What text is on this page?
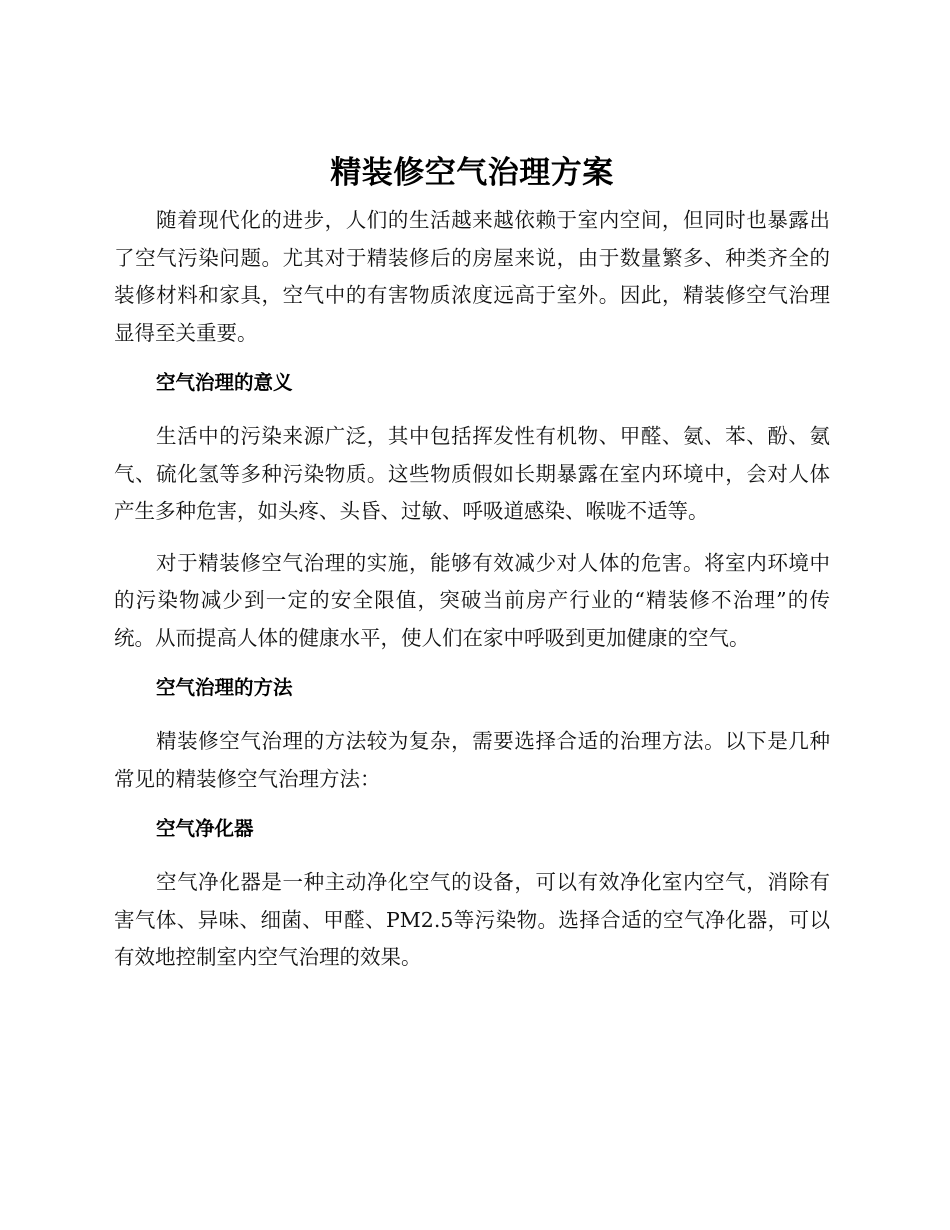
精装修空气治理方案

随着现代化的进步，人们的生活越来越依赖于室内空间，但同时也暴露出了空气污染问题。尤其对于精装修后的房屋来说，由于数量繁多、种类齐全的装修材料和家具，空气中的有害物质浓度远高于室外。因此，精装修空气治理显得至关重要。

空气治理的意义

生活中的污染来源广泛，其中包括挥发性有机物、甲醛、氨、苯、酚、氨气、硫化氢等多种污染物质。这些物质假如长期暴露在室内环境中，会对人体产生多种危害，如头疼、头昏、过敏、呼吸道感染、喉咙不适等。

对于精装修空气治理的实施，能够有效减少对人体的危害。将室内环境中的污染物减少到一定的安全限值，突破当前房产行业的“精装修不治理”的传统。从而提高人体的健康水平，使人们在家中呼吸到更加健康的空气。

空气治理的方法

精装修空气治理的方法较为复杂，需要选择合适的治理方法。以下是几种常见的精装修空气治理方法：

空气净化器

空气净化器是一种主动净化空气的设备，可以有效净化室内空气，消除有害气体、异味、细菌、甲醛、PM2.5等污染物。选择合适的空气净化器，可以有效地控制室内空气治理的效果。
